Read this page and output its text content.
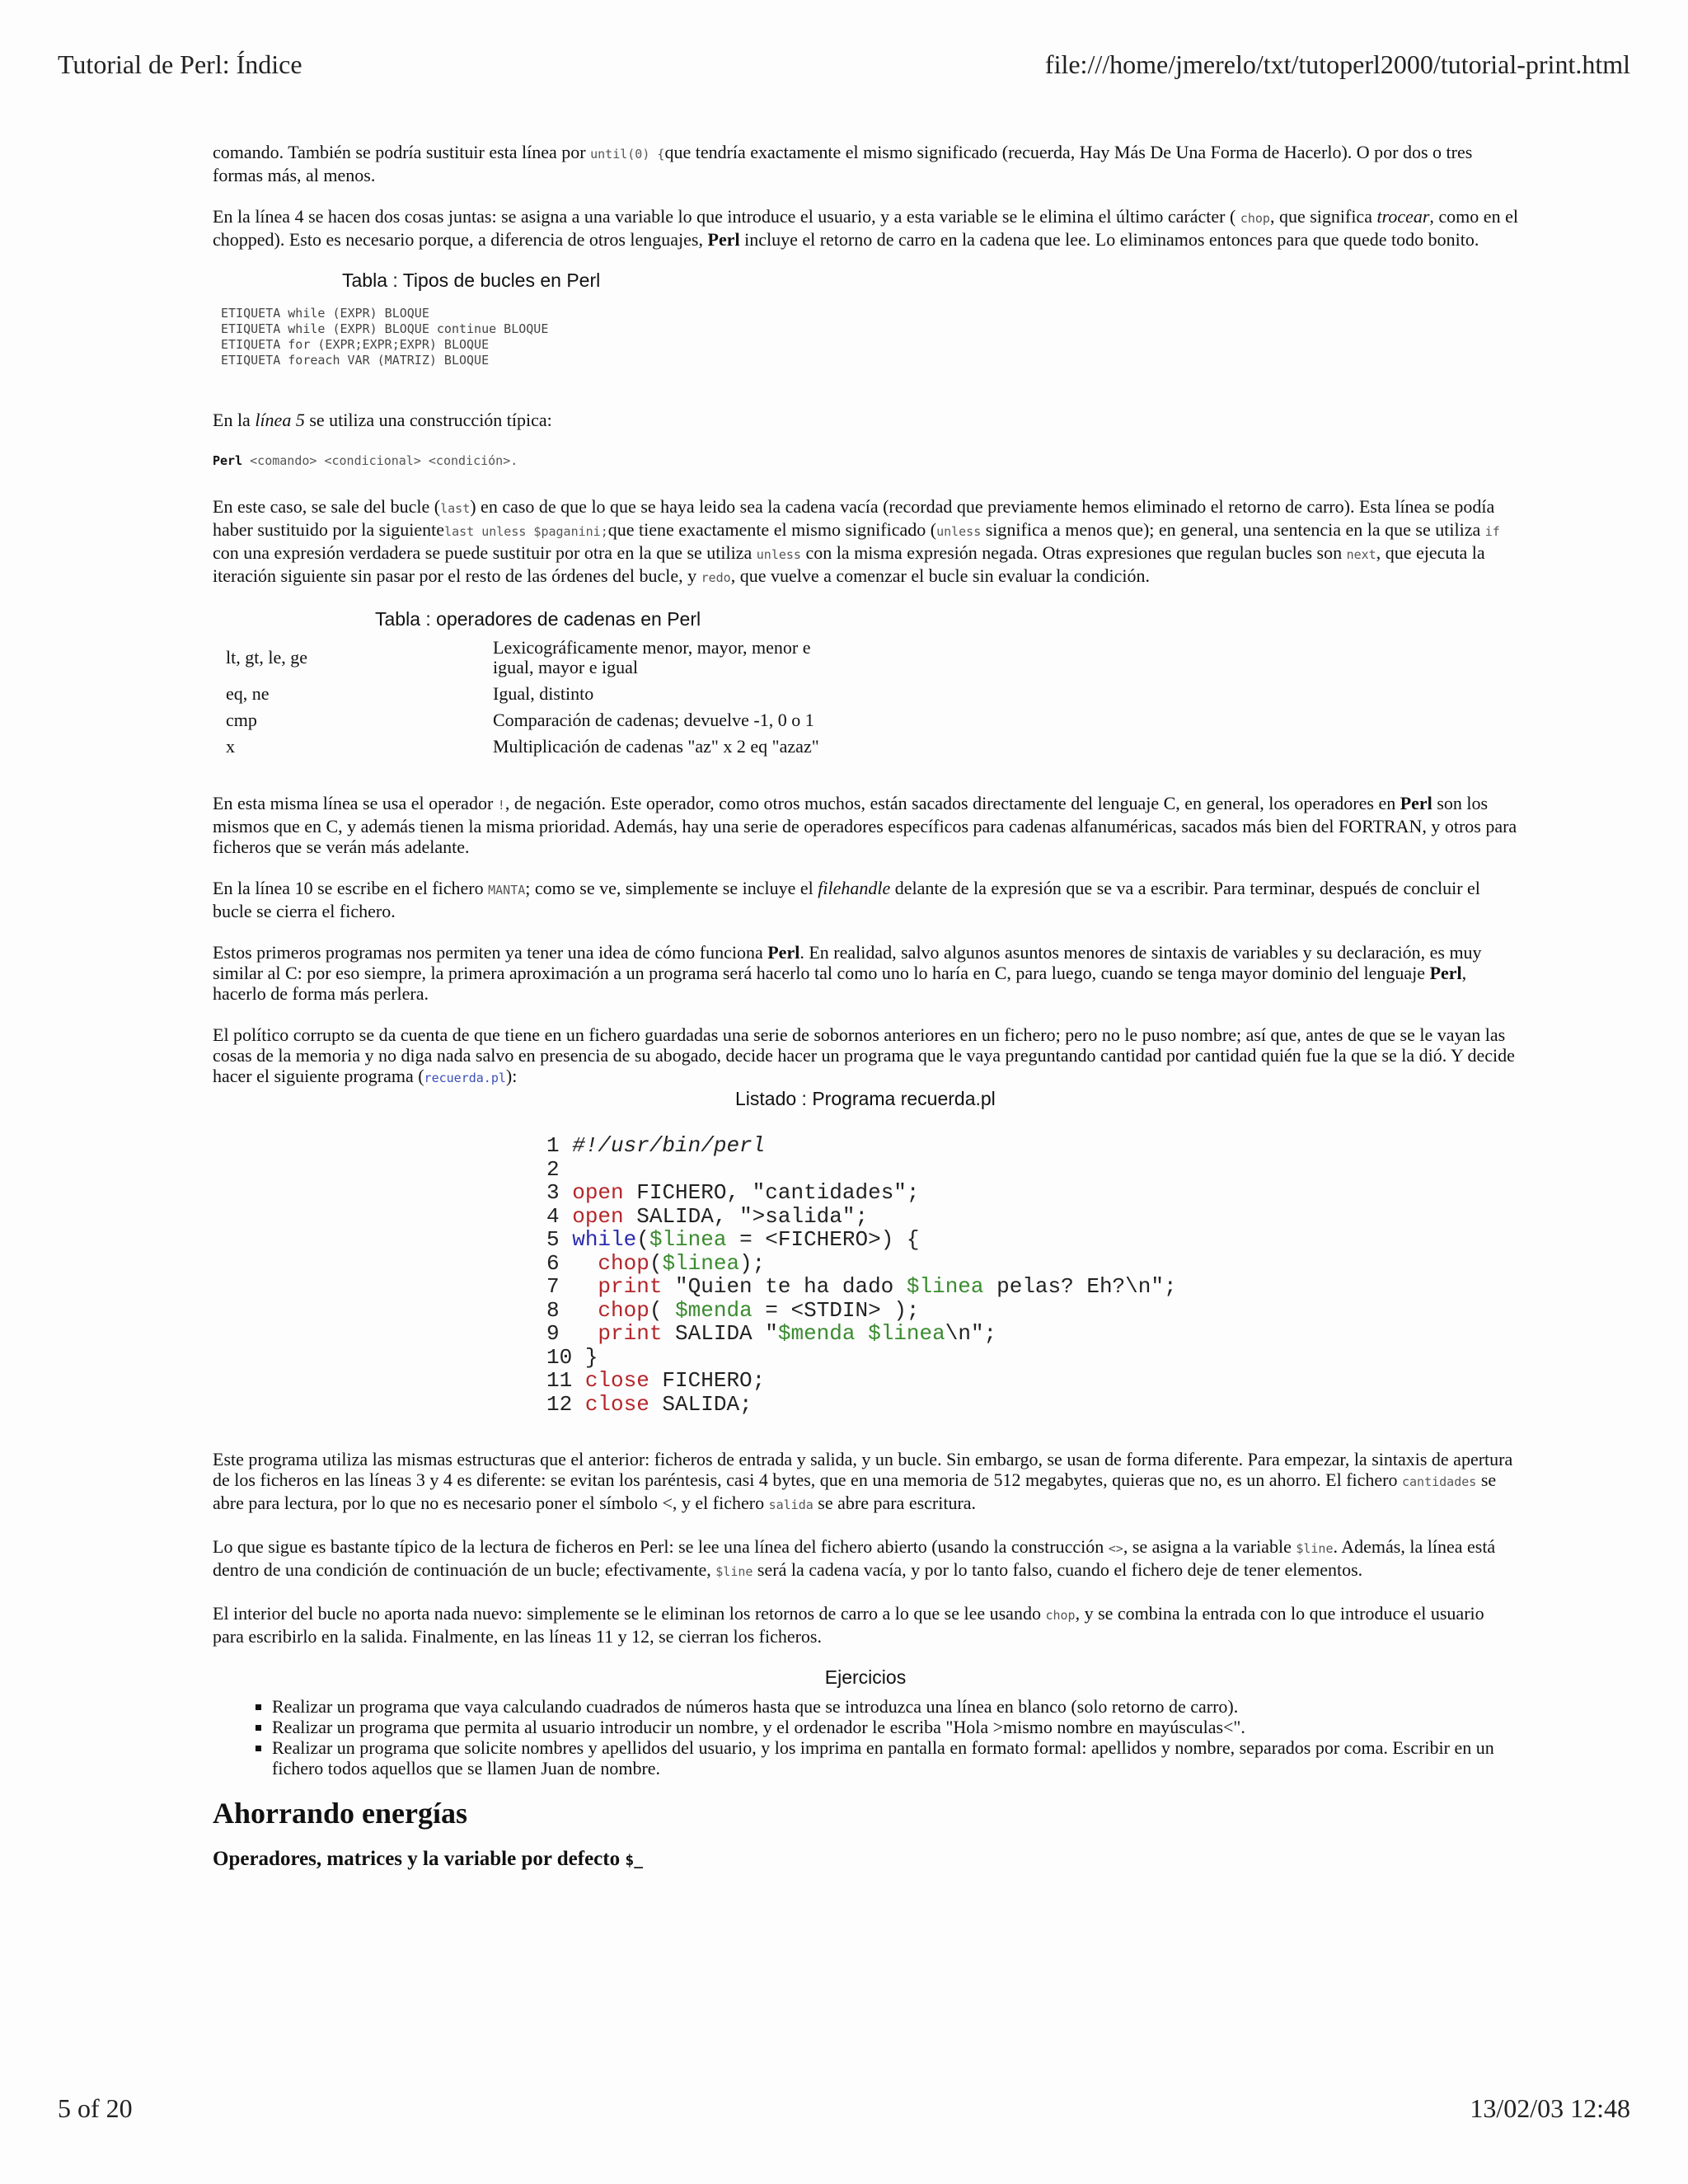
Tutorial de Perl: Índice	file:///home/jmerelo/txt/tutoperl2000/tutorial-print.html

comando. También se podría sustituir esta línea por until(0) {que tendría exactamente el mismo significado (recuerda, Hay Más De Una Forma de Hacerlo). O por dos o tres formas más, al menos.

En la línea 4 se hacen dos cosas juntas: se asigna a una variable lo que introduce el usuario, y a esta variable se le elimina el último carácter ( chop, que significa trocear, como en el chopped). Esto es necesario porque, a diferencia de otros lenguajes, Perl incluye el retorno de carro en la cadena que lee. Lo eliminamos entonces para que quede todo bonito.

Tabla : Tipos de bucles en Perl
ETIQUETA while (EXPR) BLOQUE
ETIQUETA while (EXPR) BLOQUE continue BLOQUE
ETIQUETA for (EXPR;EXPR;EXPR) BLOQUE
ETIQUETA foreach VAR (MATRIZ) BLOQUE

En la línea 5 se utiliza una construcción típica:

Perl <comando> <condicional> <condición>.

En este caso, se sale del bucle (last) en caso de que lo que se haya leido sea la cadena vacía (recordad que previamente hemos eliminado el retorno de carro). Esta línea se podía haber sustituido por la siguientelast unless $paganini;que tiene exactamente el mismo significado (unless significa a menos que); en general, una sentencia en la que se utiliza if con una expresión verdadera se puede sustituir por otra en la que se utiliza unless con la misma expresión negada. Otras expresiones que regulan bucles son next, que ejecuta la iteración siguiente sin pasar por el resto de las órdenes del bucle, y redo, que vuelve a comenzar el bucle sin evaluar la condición.

Tabla : operadores de cadenas en Perl
lt, gt, le, ge	Lexicográficamente menor, mayor, menor e igual, mayor e igual
eq, ne	Igual, distinto
cmp	Comparación de cadenas; devuelve -1, 0 o 1
x	Multiplicación de cadenas "az" x 2 eq "azaz"

En esta misma línea se usa el operador !, de negación. Este operador, como otros muchos, están sacados directamente del lenguaje C, en general, los operadores en Perl son los mismos que en C, y además tienen la misma prioridad. Además, hay una serie de operadores específicos para cadenas alfanuméricas, sacados más bien del FORTRAN, y otros para ficheros que se verán más adelante.

En la línea 10 se escribe en el fichero MANTA; como se ve, simplemente se incluye el filehandle delante de la expresión que se va a escribir. Para terminar, después de concluir el bucle se cierra el fichero.

Estos primeros programas nos permiten ya tener una idea de cómo funciona Perl. En realidad, salvo algunos asuntos menores de sintaxis de variables y su declaración, es muy similar al C: por eso siempre, la primera aproximación a un programa será hacerlo tal como uno lo haría en C, para luego, cuando se tenga mayor dominio del lenguaje Perl, hacerlo de forma más perlera.

El político corrupto se da cuenta de que tiene en un fichero guardadas una serie de sobornos anteriores en un fichero; pero no le puso nombre; así que, antes de que se le vayan las cosas de la memoria y no diga nada salvo en presencia de su abogado, decide hacer un programa que le vaya preguntando cantidad por cantidad quién fue la que se la dió. Y decide hacer el siguiente programa (recuerda.pl):

Listado : Programa recuerda.pl
1 #!/usr/bin/perl
2
3 open FICHERO, "cantidades";
4 open SALIDA, ">salida";
5 while($linea = <FICHERO>) {
6   chop($linea);
7   print "Quien te ha dado $linea pelas? Eh?\n";
8   chop( $menda = <STDIN> );
9   print SALIDA "$menda $linea\n";
10 }
11 close FICHERO;
12 close SALIDA;

Este programa utiliza las mismas estructuras que el anterior: ficheros de entrada y salida, y un bucle. Sin embargo, se usan de forma diferente. Para empezar, la sintaxis de apertura de los ficheros en las líneas 3 y 4 es diferente: se evitan los paréntesis, casi 4 bytes, que en una memoria de 512 megabytes, quieras que no, es un ahorro. El fichero cantidades se abre para lectura, por lo que no es necesario poner el símbolo <, y el fichero salida se abre para escritura.

Lo que sigue es bastante típico de la lectura de ficheros en Perl: se lee una línea del fichero abierto (usando la construcción <>, se asigna a la variable $line. Además, la línea está dentro de una condición de continuación de un bucle; efectivamente, $line será la cadena vacía, y por lo tanto falso, cuando el fichero deje de tener elementos.

El interior del bucle no aporta nada nuevo: simplemente se le eliminan los retornos de carro a lo que se lee usando chop, y se combina la entrada con lo que introduce el usuario para escribirlo en la salida. Finalmente, en las líneas 11 y 12, se cierran los ficheros.

Ejercicios
▪ Realizar un programa que vaya calculando cuadrados de números hasta que se introduzca una línea en blanco (solo retorno de carro).
▪ Realizar un programa que permita al usuario introducir un nombre, y el ordenador le escriba "Hola >mismo nombre en mayúsculas<".
▪ Realizar un programa que solicite nombres y apellidos del usuario, y los imprima en pantalla en formato formal: apellidos y nombre, separados por coma. Escribir en un fichero todos aquellos que se llamen Juan de nombre.
Ahorrando energías
Operadores, matrices y la variable por defecto $_
5 of 20	13/02/03 12:48
